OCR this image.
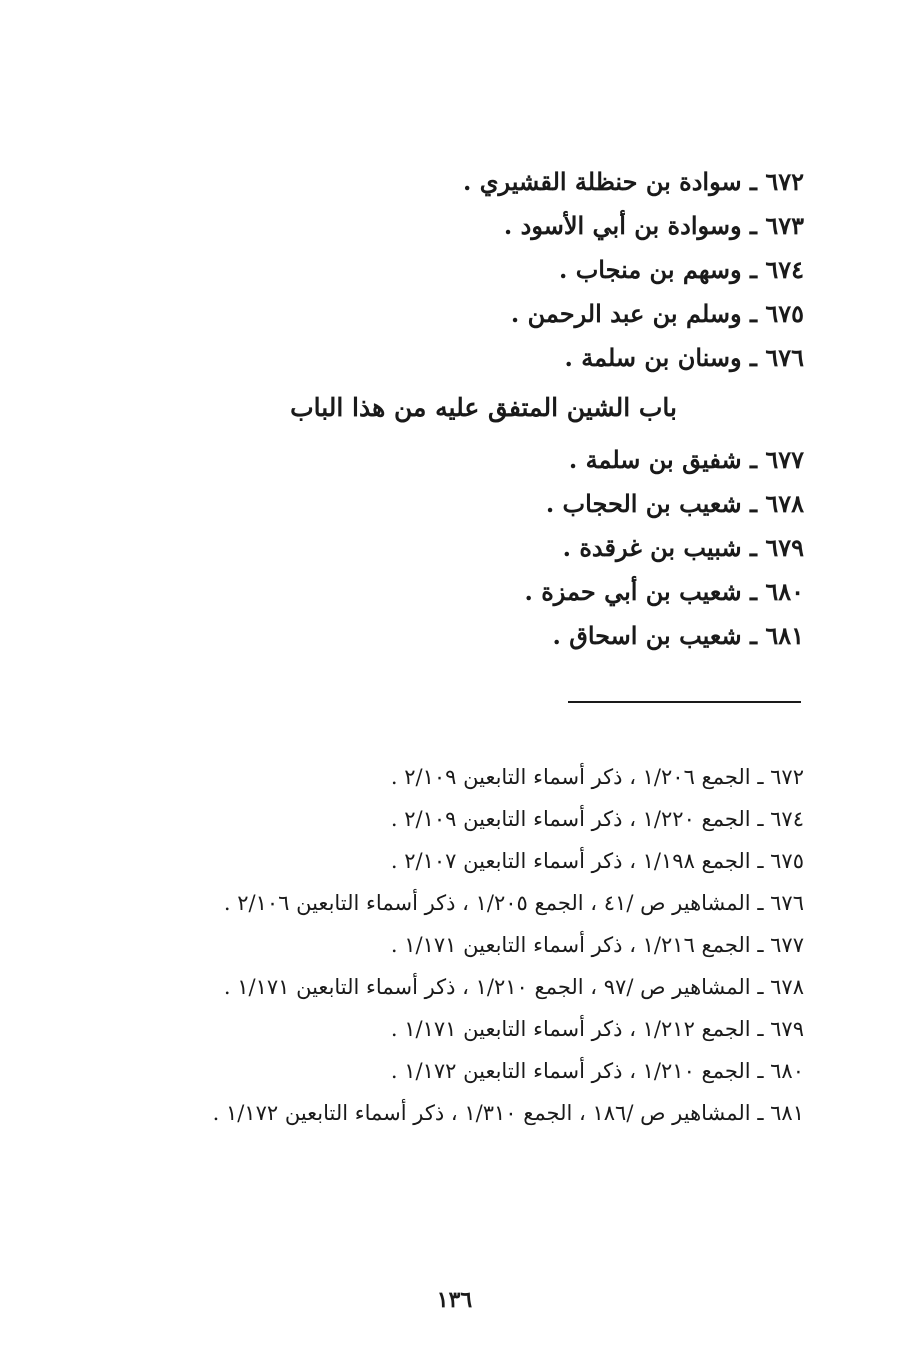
٦٧٢ ـ سوادة بن حنظلة القشيري .
٦٧٣ ـ وسوادة بن أبي الأسود .
٦٧٤ ـ وسهم بن منجاب .
٦٧٥ ـ وسلم بن عبد الرحمن .
٦٧٦ ـ وسنان بن سلمة .
باب الشين المتفق عليه من هذا الباب
٦٧٧ ـ شفيق بن سلمة .
٦٧٨ ـ شعيب بن الحجاب .
٦٧٩ ـ شبيب بن غرقدة .
٦٨٠ ـ شعيب بن أبي حمزة .
٦٨١ ـ شعيب بن اسحاق .
٦٧٢ ـ الجمع ١/٢٠٦ ، ذكر أسماء التابعين ٢/١٠٩ .
٦٧٤ ـ الجمع ١/٢٢٠ ، ذكر أسماء التابعين ٢/١٠٩ .
٦٧٥ ـ الجمع ١/١٩٨ ، ذكر أسماء التابعين ٢/١٠٧ .
٦٧٦ ـ المشاهير ص /٤١ ، الجمع ١/٢٠٥ ، ذكر أسماء التابعين ٢/١٠٦ .
٦٧٧ ـ الجمع ١/٢١٦ ، ذكر أسماء التابعين ١/١٧١ .
٦٧٨ ـ المشاهير ص /٩٧ ، الجمع ١/٢١٠ ، ذكر أسماء التابعين ١/١٧١ .
٦٧٩ ـ الجمع ١/٢١٢ ، ذكر أسماء التابعين ١/١٧١ .
٦٨٠ ـ الجمع ١/٢١٠ ، ذكر أسماء التابعين ١/١٧٢ .
٦٨١ ـ المشاهير ص /١٨٦ ، الجمع ١/٣١٠ ، ذكر أسماء التابعين ١/١٧٢ .
١٣٦
